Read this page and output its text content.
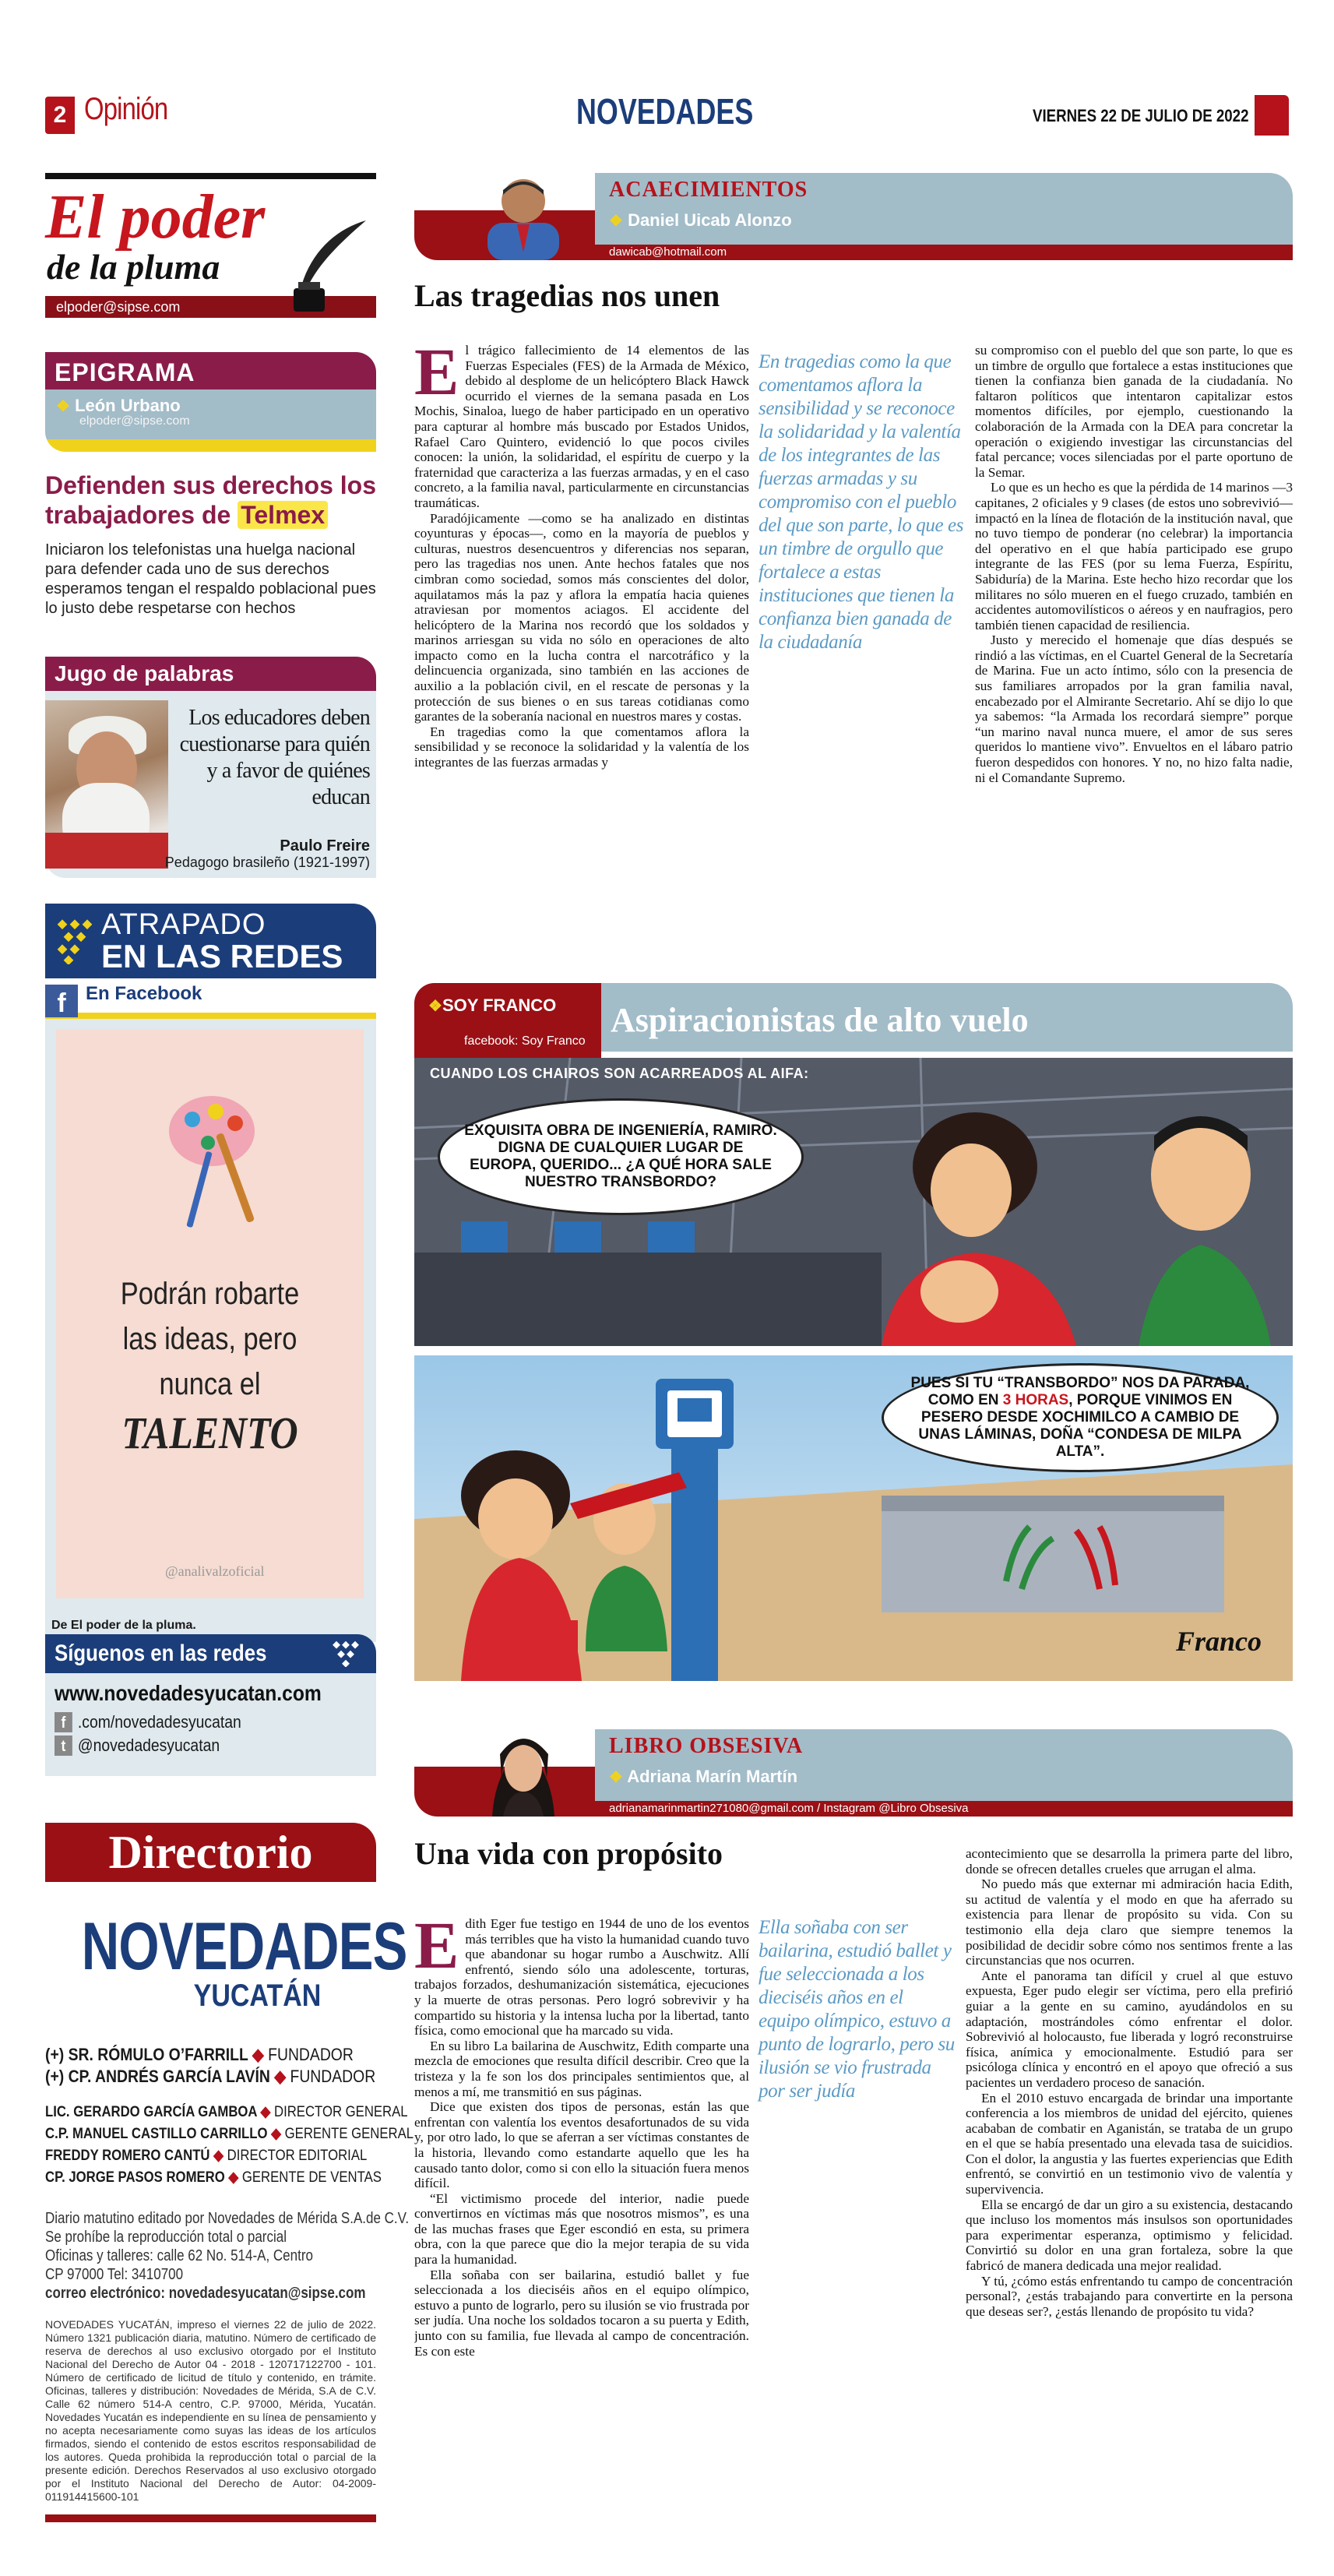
2 Opinión	NOVEDADES	VIERNES 22 DE JULIO DE 2022
El poder
de la pluma
elpoder@sipse.com
EPIGRAMA
❖ León Urbano
elpoder@sipse.com
Defienden sus derechos los trabajadores de Telmex
Iniciaron los telefonistas una huelga nacional para defender cada uno de sus derechos esperamos tengan el respaldo poblacional pues lo justo debe respetarse con hechos
Jugo de palabras
Los educadores deben cuestionarse para quién y a favor de quiénes educan
Paulo Freire
Pedagogo brasileño (1921-1997)
ATRAPADO
EN LAS REDES
f	En Facebook
Podrán robarte
las ideas, pero
nunca el
TALENTO
@analivalzoficial
De El poder de la pluma.
Síguenos en las redes
www.novedadesyucatan.com
f .com/novedadesyucatan
t @novedadesyucatan
Directorio
NOVEDADES
YUCATÁN
(+) SR. RÓMULO O’FARRILL ◆ FUNDADOR
(+) CP. ANDRÉS GARCÍA LAVÍN ◆ FUNDADOR
LIC. GERARDO GARCÍA GAMBOA ◆ DIRECTOR GENERAL
C.P. MANUEL CASTILLO CARRILLO ◆ GERENTE GENERAL
FREDDY ROMERO CANTÚ ◆ DIRECTOR EDITORIAL
CP. JORGE PASOS ROMERO ◆ GERENTE DE VENTAS
Diario matutino editado por Novedades de Mérida S.A.de C.V.
Se prohíbe la reproducción total o parcial
Oficinas y talleres: calle 62 No. 514-A, Centro
CP 97000 Tel: 3410700
correo electrónico: novedadesyucatan@sipse.com
NOVEDADES YUCATÁN, impreso el viernes 22 de julio de 2022. Número 1321 publicación diaria, matutino. Número de certificado de reserva de derechos al uso exclusivo otorgado por el Instituto Nacional del Derecho de Autor 04 - 2018 - 120717122700 - 101. Número de certificado de licitud de título y contenido, en trámite. Oficinas, talleres y distribución: Novedades de Mérida, S.A de C.V. Calle 62 número 514-A centro, C.P. 97000, Mérida, Yucatán. Novedades Yucatán es independiente en su línea de pensamiento y no acepta necesariamente como suyas las ideas de los artículos firmados, siendo el contenido de estos escritos responsabilidad de los autores. Queda prohibida la reproducción total o parcial de la presente edición. Derechos Reservados al uso exclusivo otorgado por el Instituto Nacional del Derecho de Autor: 04-2009-011914415600-101
ACAECIMIENTOS
❖ Daniel Uicab Alonzo
dawicab@hotmail.com
Las tragedias nos unen
E l trágico fallecimiento de 14 elementos de las Fuerzas Especiales (FES) de la Armada de México, debido al desplome de un helicóptero Black Hawck ocurrido el viernes de la semana pasada en Los Mochis, Sinaloa, luego de haber participado en un operativo para capturar al hombre más buscado por Estados Unidos, Rafael Caro Quintero, evidenció lo que pocos civiles conocen: la unión, la solidaridad, el espíritu de cuerpo y la fraternidad que caracteriza a las fuerzas armadas, y en el caso concreto, a la familia naval, particularmente en circunstancias traumáticas.

Paradójicamente —como se ha analizado en distintas coyunturas y épocas—, como en la mayoría de pueblos y culturas, nuestros desencuentros y diferencias nos separan, pero las tragedias nos unen. Ante hechos fatales que nos cimbran como sociedad, somos más conscientes del dolor, aquilatamos más la paz y aflora la empatía hacia quienes atraviesan por momentos aciagos. El accidente del helicóptero de la Marina nos recordó que los soldados y marinos arriesgan su vida no sólo en operaciones de alto impacto como en la lucha contra el narcotráfico y la delincuencia organizada, sino también en las acciones de auxilio a la población civil, en el rescate de personas y la protección de sus bienes o en sus tareas cotidianas como garantes de la soberanía nacional en nuestros mares y costas.

En tragedias como la que comentamos aflora la sensibilidad y se reconoce la solidaridad y la valentía de los integrantes de las fuerzas armadas y

En tragedias como la que comentamos aflora la sensibilidad y se reconoce la solidaridad y la valentía de los integrantes de las fuerzas armadas y su compromiso con el pueblo del que son parte, lo que es un timbre de orgullo que fortalece a estas instituciones que tienen la confianza bien ganada de la ciudadanía

su compromiso con el pueblo del que son parte, lo que es un timbre de orgullo que fortalece a estas instituciones que tienen la confianza bien ganada de la ciudadanía. No faltaron políticos que intentaron capitalizar estos momentos difíciles, por ejemplo, cuestionando la colaboración de la Armada con la DEA para concretar la operación o exigiendo investigar las circunstancias del fatal percance; voces silenciadas por el parte oportuno de la Semar.

Lo que es un hecho es que la pérdida de 14 marinos —3 capitanes, 2 oficiales y 9 clases (de estos uno sobrevivió— impactó en la línea de flotación de la institución naval, que no tuvo tiempo de ponderar (no celebrar) la importancia del operativo en el que había participado ese grupo integrante de las FES (por su lema Fuerza, Espíritu, Sabiduría) de la Marina. Este hecho hizo recordar que los militares no sólo mueren en el fuego cruzado, también en accidentes automovilísticos o aéreos y en naufragios, pero también tienen capacidad de resiliencia.

Justo y merecido el homenaje que días después se rindió a las víctimas, en el Cuartel General de la Secretaría de Marina. Fue un acto íntimo, sólo con la presencia de sus familiares arropados por la gran familia naval, encabezado por el Almirante Secretario. Ahí se dijo lo que ya sabemos: “la Armada los recordará siempre” porque “un marino naval nunca muere, el amor de sus seres queridos lo mantiene vivo”. Envueltos en el lábaro patrio fueron despedidos con honores. Y no, no hizo falta nadie, ni el Comandante Supremo.

❖SOY FRANCO
facebook: Soy Franco
Aspiracionistas de alto vuelo
CUANDO LOS CHAIROS SON ACARREADOS AL AIFA:
EXQUISITA OBRA DE INGENIERÍA, RAMIRO. DIGNA DE CUALQUIER LUGAR DE EUROPA, QUERIDO... ¿A QUÉ HORA SALE NUESTRO TRANSBORDO?
PUES SI TU “TRANSBORDO” NOS DA PARADA, COMO EN 3 HORAS, PORQUE VINIMOS EN PESERO DESDE XOCHIMILCO A CAMBIO DE UNAS LÁMINAS, DOÑA “CONDESA DE MILPA ALTA”.
Franco
LIBRO OBSESIVA
❖ Adriana Marín Martín
adrianamarinmartin271080@gmail.com / Instagram @Libro Obsesiva
Una vida con propósito
E dith Eger fue testigo en 1944 de uno de los eventos más terribles que ha visto la humanidad cuando tuvo que abandonar su hogar rumbo a Auschwitz. Allí enfrentó, siendo sólo una adolescente, torturas, trabajos forzados, deshumanización sistemática, ejecuciones y la muerte de otras personas. Pero logró sobrevivir y ha compartido su historia y la intensa lucha por la libertad, tanto física, como emocional que ha marcado su vida.

En su libro La bailarina de Auschwitz, Edith comparte una mezcla de emociones que resulta difícil describir. Creo que la tristeza y la fe son los dos principales sentimientos que, al menos a mí, me transmitió en sus páginas.

Dice que existen dos tipos de personas, están las que enfrentan con valentía los eventos desafortunados de su vida y, por otro lado, lo que se aferran a ser víctimas constantes de la historia, llevando como estandarte aquello que les ha causado tanto dolor, como si con ello la situación fuera menos difícil.

“El victimismo procede del interior, nadie puede convertirnos en víctimas más que nosotros mismos”, es una de las muchas frases que Eger escondió en esta, su primera obra, con la que parece que dio la mejor terapia de su vida para la humanidad.

Ella soñaba con ser bailarina, estudió ballet y fue seleccionada a los dieciséis años en el equipo olímpico, estuvo a punto de lograrlo, pero su ilusión se vio frustrada por ser judía. Una noche los soldados tocaron a su puerta y Edith, junto con su familia, fue llevada al campo de concentración. Es con este

Ella soñaba con ser bailarina, estudió ballet y fue seleccionada a los dieciséis años en el equipo olímpico, estuvo a punto de lograrlo, pero su ilusión se vio frustrada por ser judía

acontecimiento que se desarrolla la primera parte del libro, donde se ofrecen detalles crueles que arrugan el alma.

No puedo más que externar mi admiración hacia Edith, su actitud de valentía y el modo en que ha aferrado su existencia para llenar de propósito su vida. Con su testimonio ella deja claro que siempre tenemos la posibilidad de decidir sobre cómo nos sentimos frente a las circunstancias que nos ocurren.

Ante el panorama tan difícil y cruel al que estuvo expuesta, Eger pudo elegir ser víctima, pero ella prefirió guiar a la gente en su camino, ayudándolos en su adaptación, mostrándoles cómo enfrentar el dolor. Sobrevivió al holocausto, fue liberada y logró reconstruirse física, anímica y emocionalmente. Estudió para ser psicóloga clínica y encontró en el apoyo que ofreció a sus pacientes un verdadero proceso de sanación.

En el 2010 estuvo encargada de brindar una importante conferencia a los miembros de unidad del ejército, quienes acababan de combatir en Aganistán, se trataba de un grupo en el que se había presentado una elevada tasa de suicidios. Con el dolor, la angustia y las fuertes experiencias que Edith enfrentó, se convirtió en un testimonio vivo de valentía y supervivencia.

Ella se encargó de dar un giro a su existencia, destacando que incluso los momentos más insulsos son oportunidades para experimentar esperanza, optimismo y felicidad. Convirtió su dolor en una gran fortaleza, sobre la que fabricó de manera dedicada una mejor realidad.

Y tú, ¿cómo estás enfrentando tu campo de concentración personal?, ¿estás trabajando para convertirte en la persona que deseas ser?, ¿estás llenando de propósito tu vida?
